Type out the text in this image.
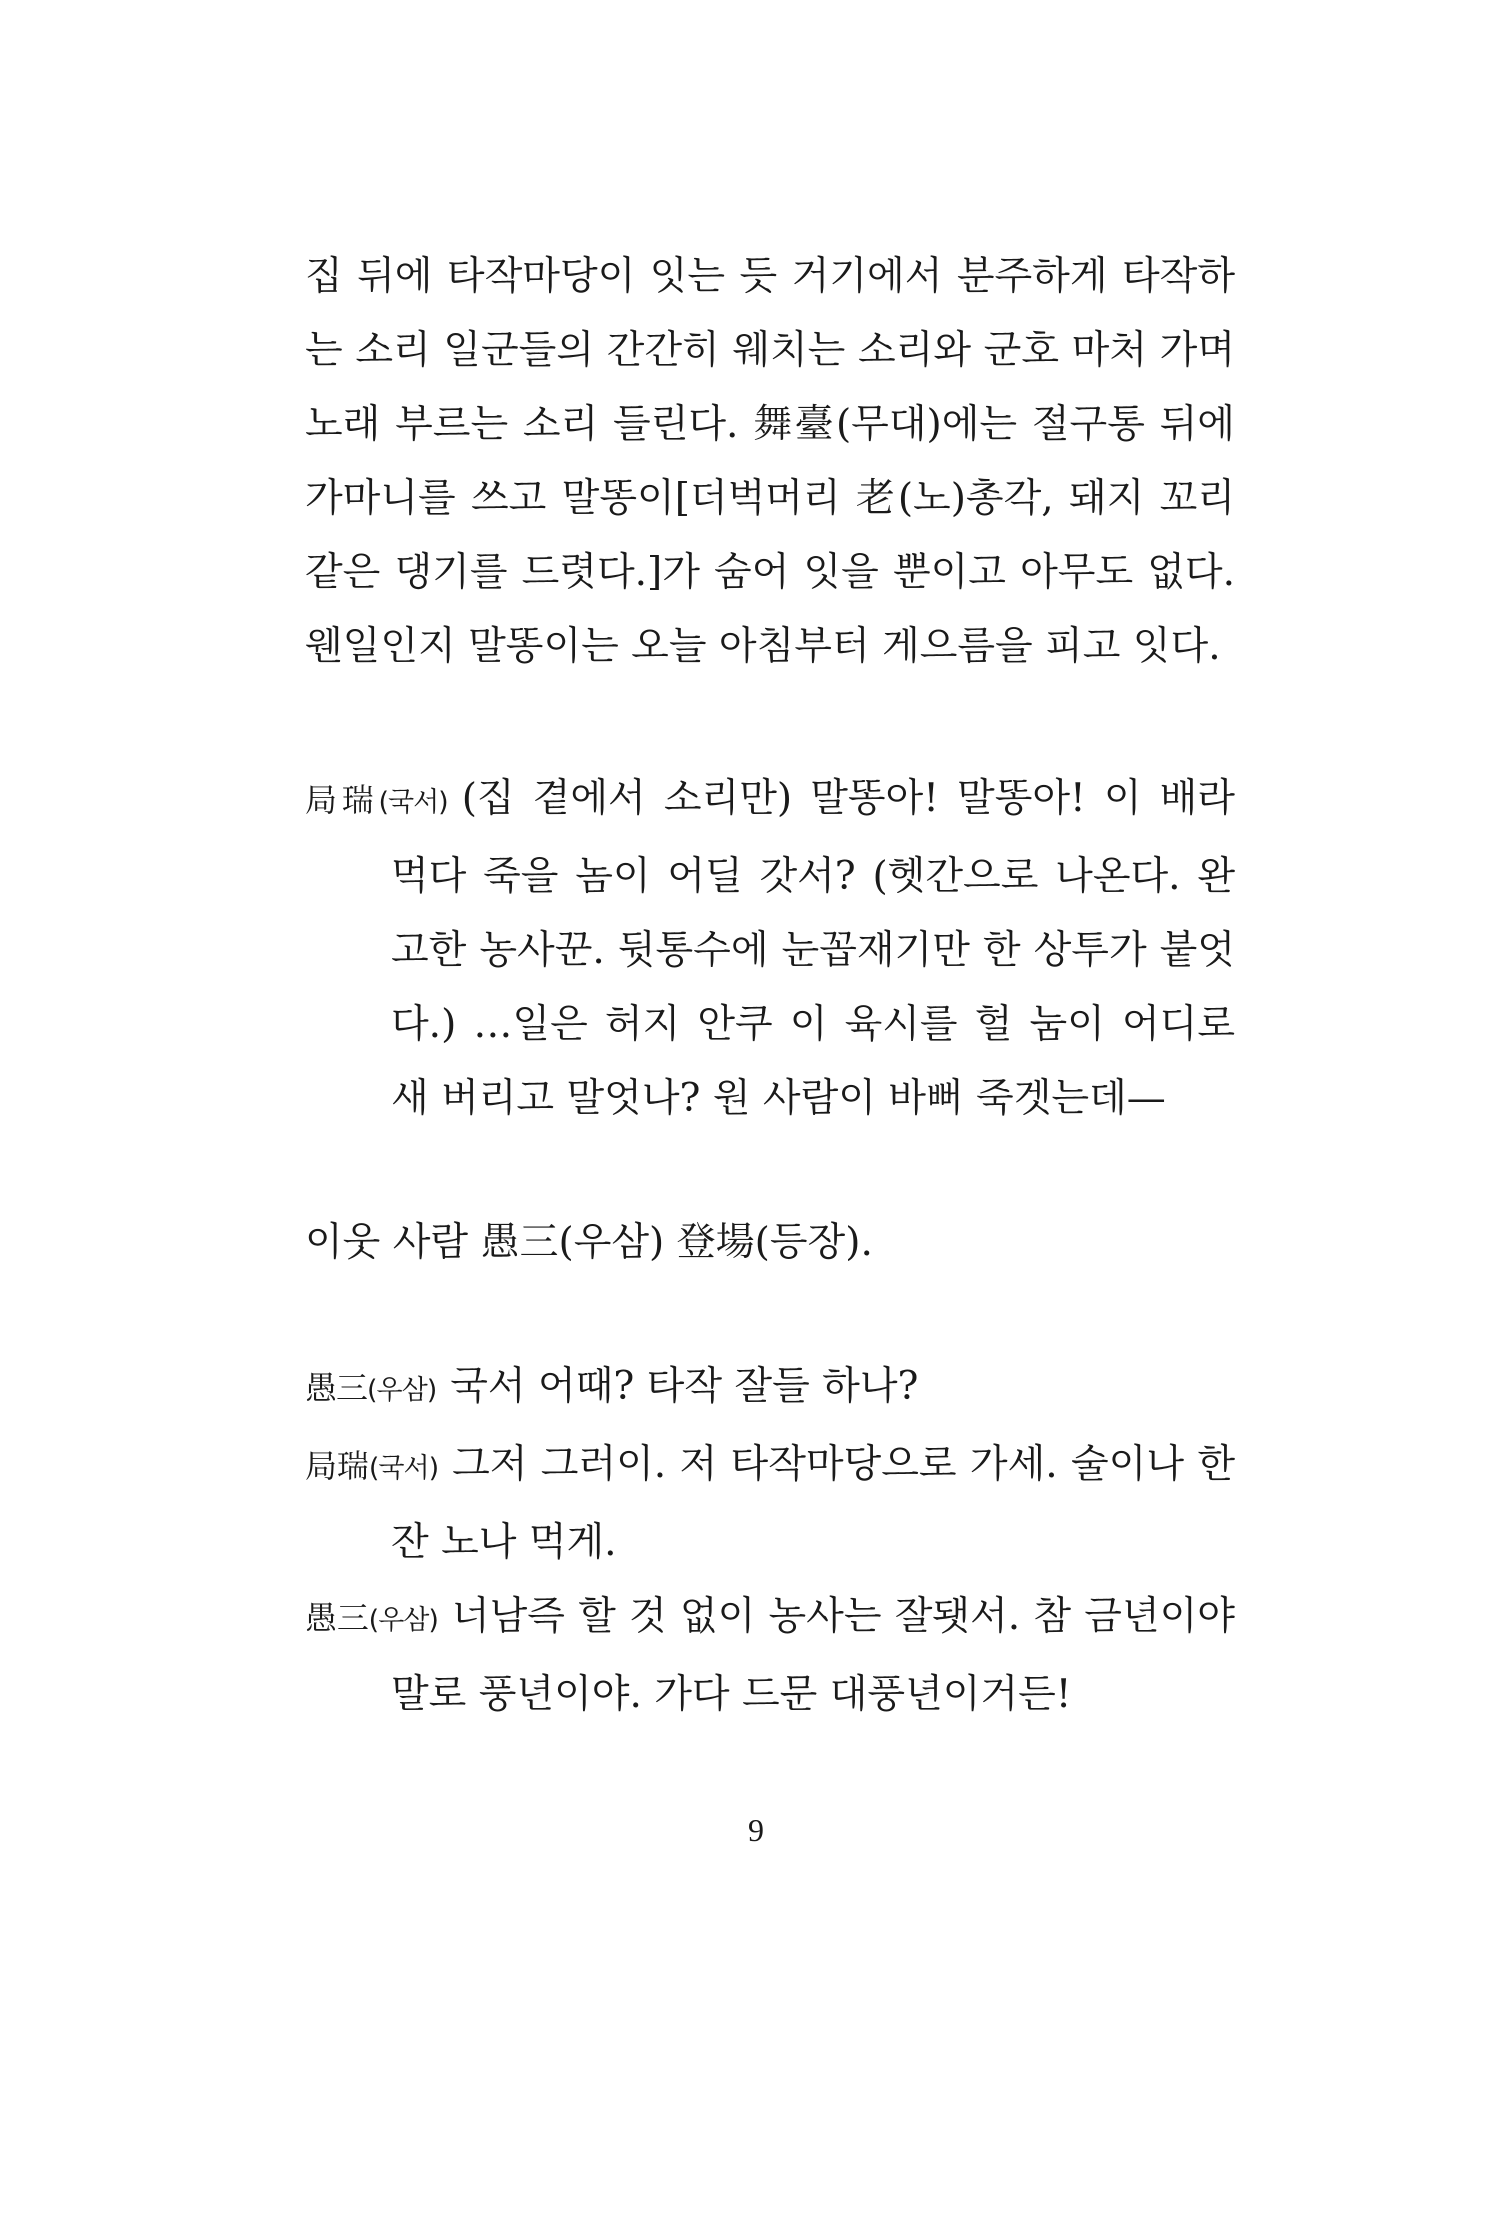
집 뒤에 타작마당이 잇는 듯 거기에서 분주하게 타작하는 소리 일군들의 간간히 웨치는 소리와 군호 마처 가며 노래 부르는 소리 들린다. 舞臺(무대)에는 절구통 뒤에 가마니를 쓰고 말똥이[더벅머리 老(노)총각, 돼지 꼬리 같은 댕기를 드렷다.]가 숨어 잇을 뿐이고 아무도 없다. 웬일인지 말똥이는 오늘 아침부터 게으름을 피고 잇다.

局瑞(국서) (집 곁에서 소리만) 말똥아! 말똥아! 이 배라 먹다 죽을 놈이 어딜 갓서? (헷간으로 나온다. 완고한 농사꾼. 뒷통수에 눈꼽재기만 한 상투가 붙엇다.) …일은 허지 안쿠 이 육시를 헐 눔이 어디로 새 버리고 말엇나? 원 사람이 바뻐 죽겟는데—

이웃 사람 愚三(우삼) 登場(등장).

愚三(우삼) 국서 어때? 타작 잘들 하나?

局瑞(국서) 그저 그러이. 저 타작마당으로 가세. 술이나 한 잔 노나 먹게.

愚三(우삼) 너남즉 할 것 없이 농사는 잘됏서. 참 금년이야말로 풍년이야. 가다 드문 대풍년이거든!

9
